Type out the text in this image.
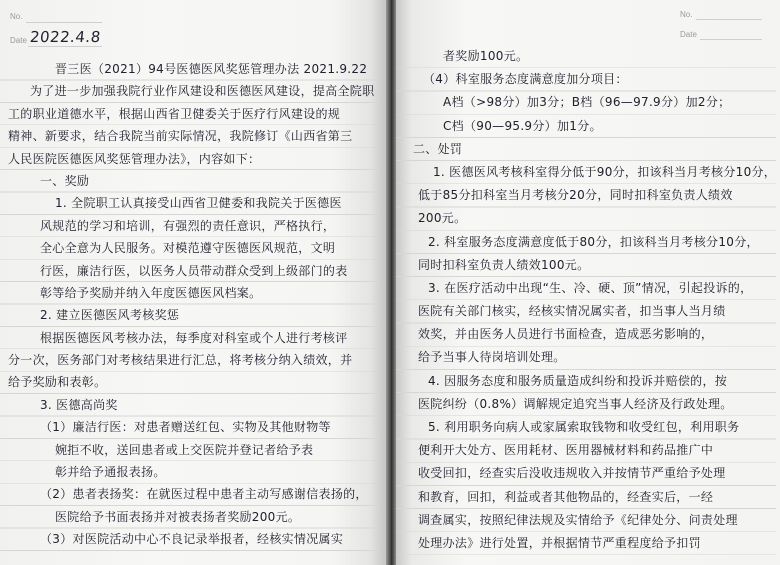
No.
Date 2022.4.8
晋三医（2021）94号医德医风奖惩管理办法 2021.9.22
为了进一步加强我院行业作风建设和医德医风建设，提高全院职
工的职业道德水平，根据山西省卫健委关于医疗行风建设的规
精神、新要求，结合我院当前实际情况，我院修订《山西省第三
人民医院医德医风奖惩管理办法》，内容如下：
一、奖励
1. 全院职工认真接受山西省卫健委和我院关于医德医
风规范的学习和培训，有强烈的责任意识，严格执行，
全心全意为人民服务。对模范遵守医德医风规范，文明
行医，廉洁行医，以医务人员带动群众受到上级部门的表
彰等给予奖励并纳入年度医德医风档案。
2. 建立医德医风考核奖惩
根据医德医风考核办法，每季度对科室或个人进行考核评
分一次，医务部门对考核结果进行汇总，将考核分纳入绩效，并
给予奖励和表彰。
3. 医德高尚奖
（1）廉洁行医：对患者赠送红包、实物及其他财物等
婉拒不收，送回患者或上交医院并登记者给予表
彰并给予通报表扬。
（2）患者表扬奖：在就医过程中患者主动写感谢信表扬的，
医院给予书面表扬并对被表扬者奖励200元。
（3）对医院活动中心不良记录举报者，经核实情况属实
No.
Date
者奖励100元。
（4）科室服务态度满意度加分项目：
A档（>98分）加3分；B档（96—97.9分）加2分；
C档（90—95.9分）加1分。
二、处罚
1. 医德医风考核科室得分低于90分，扣该科当月考核分10分，
低于85分扣科室当月考核分20分，同时扣科室负责人绩效
200元。
2. 科室服务态度满意度低于80分，扣该科当月考核分10分，
同时扣科室负责人绩效100元。
3. 在医疗活动中出现“生、冷、硬、顶”情况，引起投诉的，
医院有关部门核实，经核实情况属实者，扣当事人当月绩
效奖，并由医务人员进行书面检查，造成恶劣影响的，
给予当事人待岗培训处理。
4. 因服务态度和服务质量造成纠纷和投诉并赔偿的，按
医院纠纷（0.8%）调解规定追究当事人经济及行政处理。
5. 利用职务向病人或家属索取钱物和收受红包，利用职务
便利开大处方、医用耗材、医用器械材料和药品推广中
收受回扣，经查实后没收违规收入并按情节严重给予处理
和教育，回扣，利益或者其他物品的，经查实后，一经
调查属实，按照纪律法规及实情给予《纪律处分、问责处理
处理办法》进行处置，并根据情节严重程度给予扣罚
